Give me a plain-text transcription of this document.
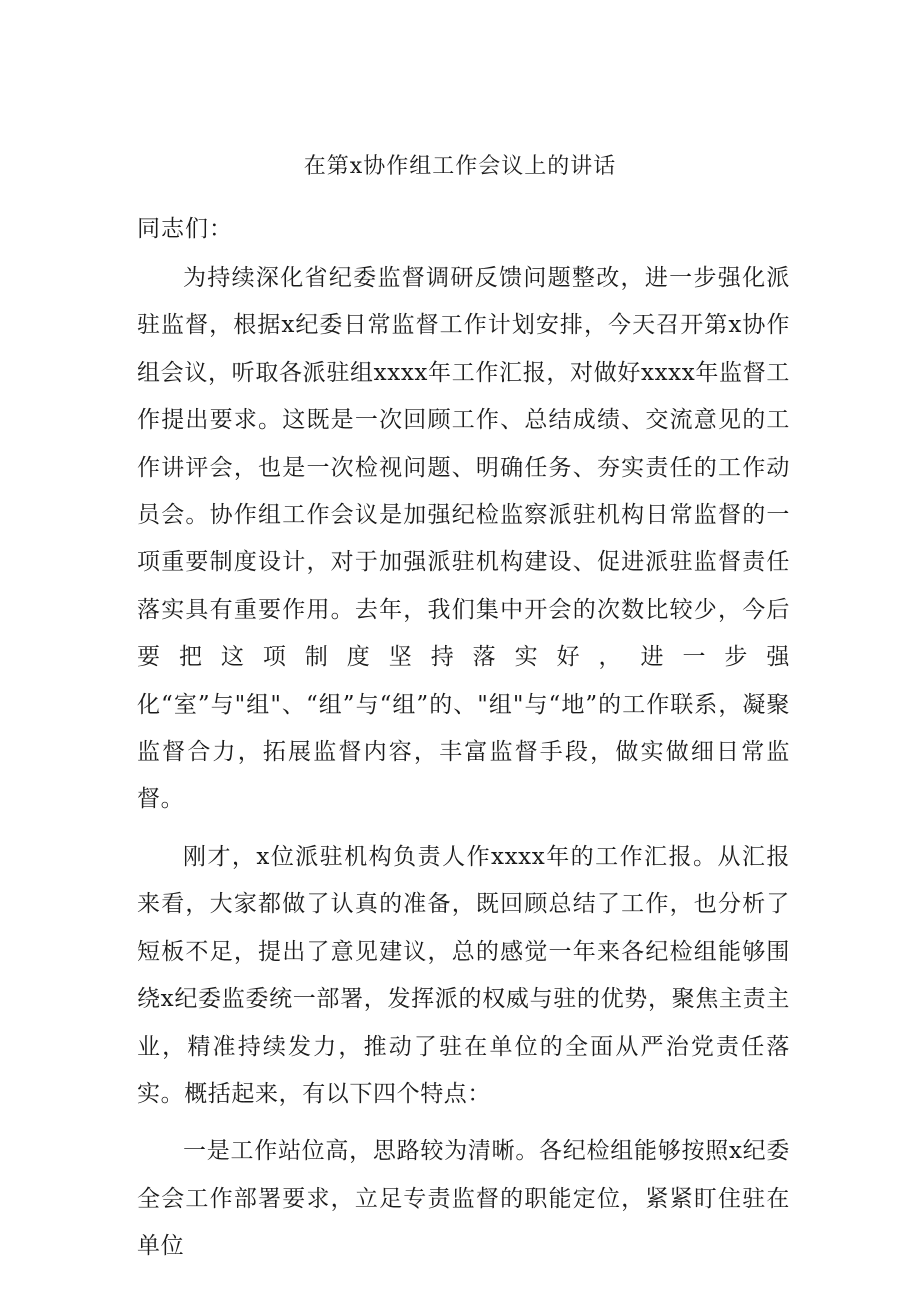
在第x协作组工作会议上的讲话
同志们：

为持续深化省纪委监督调研反馈问题整改，进一步强化派驻监督，根据x纪委日常监督工作计划安排，今天召开第x协作组会议，听取各派驻组xxxx年工作汇报，对做好xxxx年监督工作提出要求。这既是一次回顾工作、总结成绩、交流意见的工作讲评会，也是一次检视问题、明确任务、夯实责任的工作动员会。协作组工作会议是加强纪检监察派驻机构日常监督的一项重要制度设计，对于加强派驻机构建设、促进派驻监督责任落实具有重要作用。去年，我们集中开会的次数比较少，今后要把这项制度坚持落实好，进一步强化“室”与"组"、“组”与“组”的、"组"与“地”的工作联系，凝聚监督合力，拓展监督内容，丰富监督手段，做实做细日常监督。

刚才，x位派驻机构负责人作xxxx年的工作汇报。从汇报来看，大家都做了认真的准备，既回顾总结了工作，也分析了短板不足，提出了意见建议，总的感觉一年来各纪检组能够围绕x纪委监委统一部署，发挥派的权威与驻的优势，聚焦主责主业，精准持续发力，推动了驻在单位的全面从严治党责任落实。概括起来，有以下四个特点：

一是工作站位高，思路较为清晰。各纪检组能够按照x纪委全会工作部署要求，立足专责监督的职能定位，紧紧盯住驻在单位
